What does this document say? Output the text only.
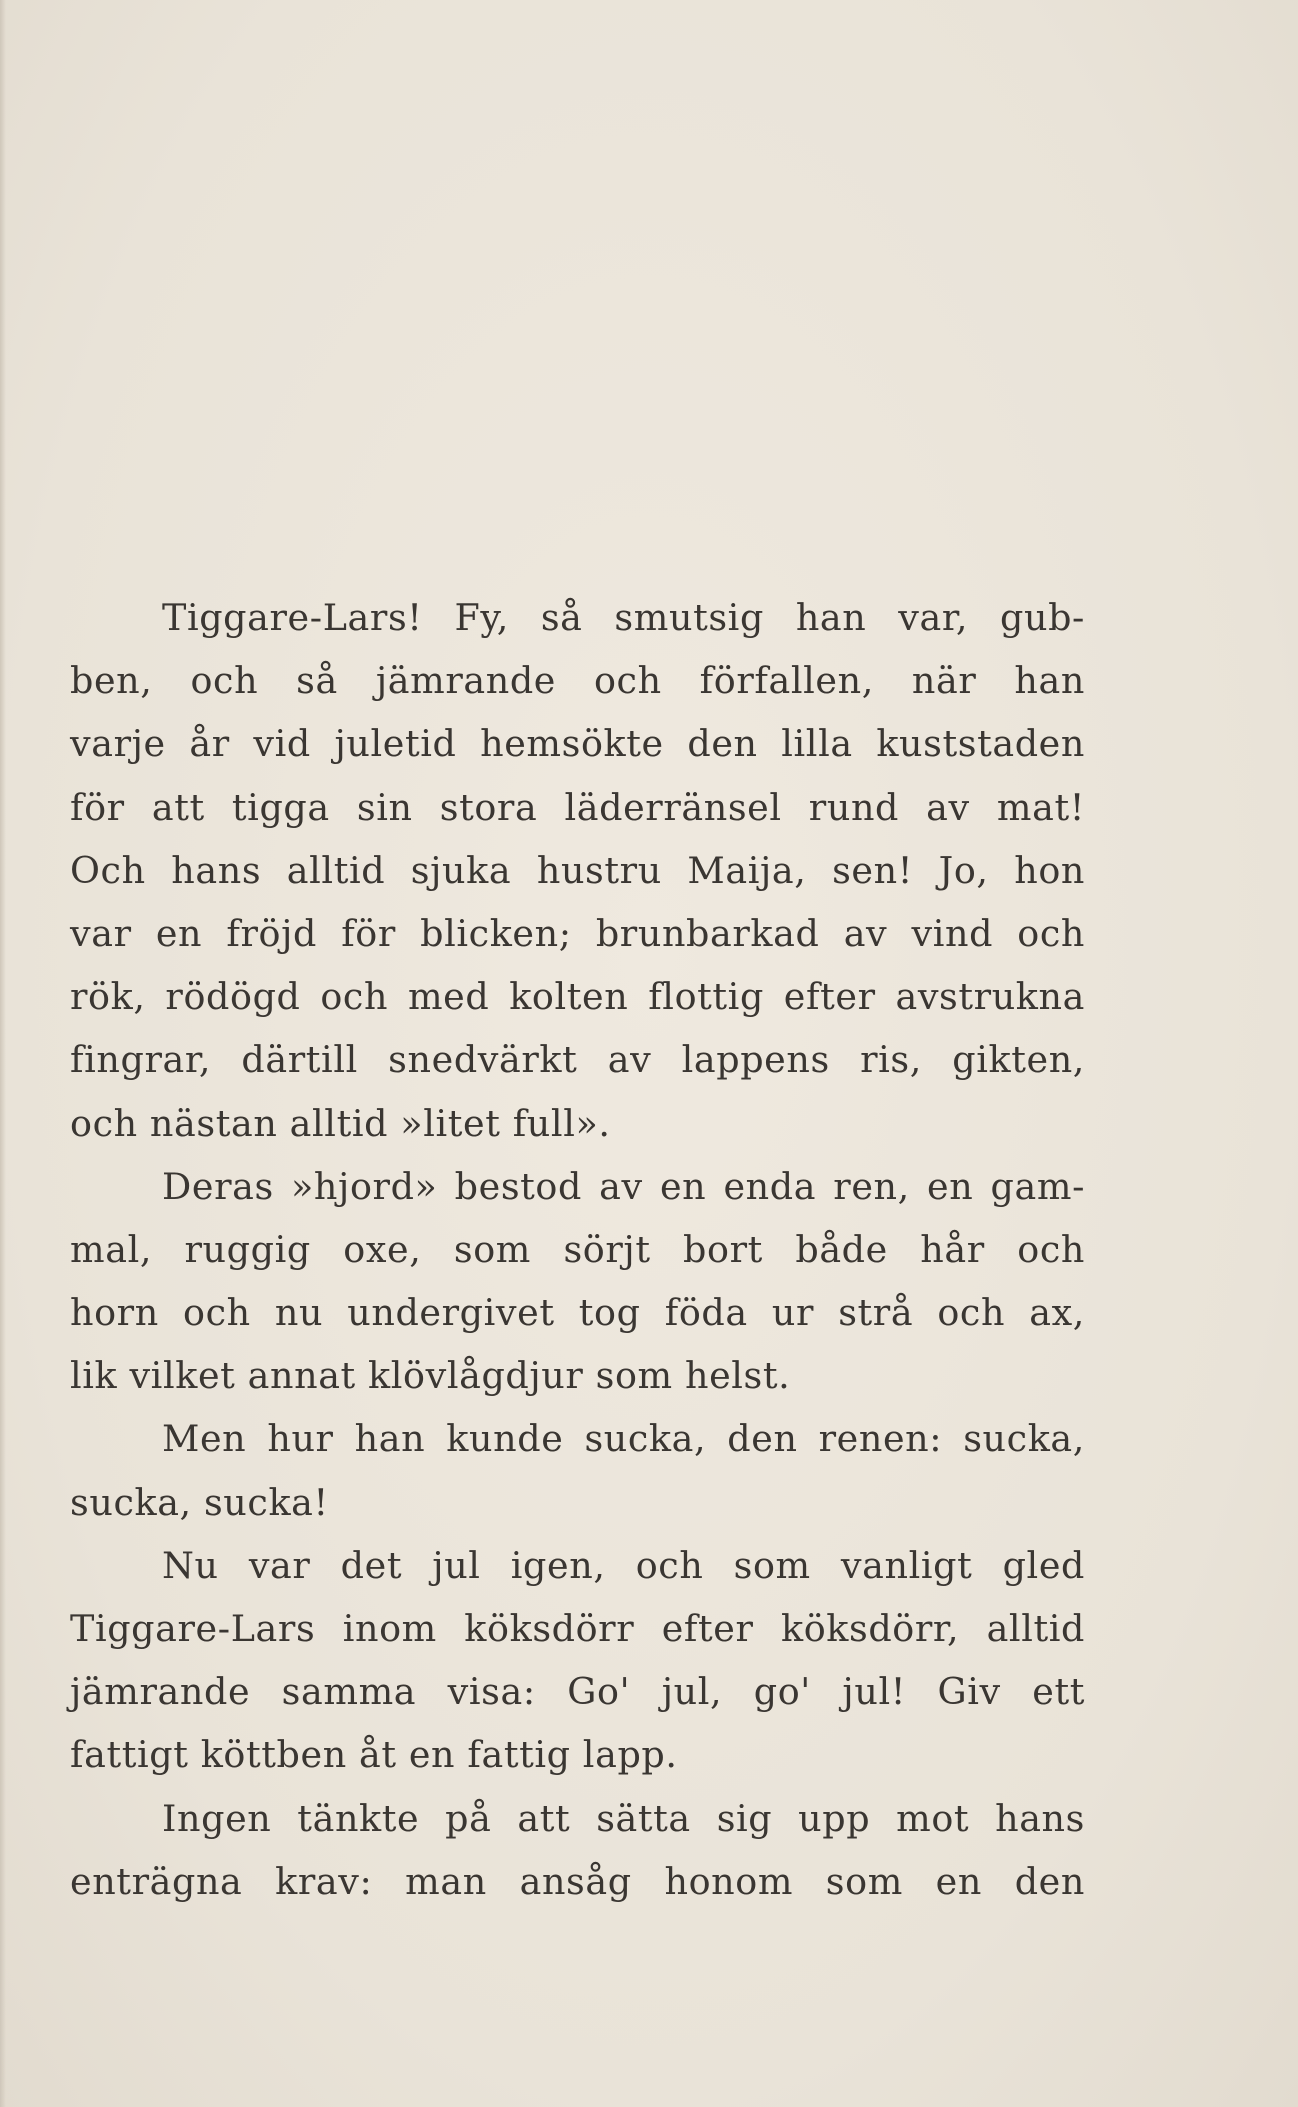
Tiggare-Lars! Fy, så smutsig han var, gub-
ben, och så jämrande och förfallen, när han
varje år vid juletid hemsökte den lilla kuststaden
för att tigga sin stora läderränsel rund av mat!
Och hans alltid sjuka hustru Maija, sen! Jo, hon
var en fröjd för blicken; brunbarkad av vind och
rök, rödögd och med kolten flottig efter avstrukna
fingrar, därtill snedvärkt av lappens ris, gikten,
och nästan alltid »litet full».
Deras »hjord» bestod av en enda ren, en gam-
mal, ruggig oxe, som sörjt bort både hår och
horn och nu undergivet tog föda ur strå och ax,
lik vilket annat klövlågdjur som helst.
Men hur han kunde sucka, den renen: sucka,
sucka, sucka!
Nu var det jul igen, och som vanligt gled
Tiggare-Lars inom köksdörr efter köksdörr, alltid
jämrande samma visa: Go' jul, go' jul! Giv ett
fattigt köttben åt en fattig lapp.
Ingen tänkte på att sätta sig upp mot hans
enträgna krav: man ansåg honom som en den
